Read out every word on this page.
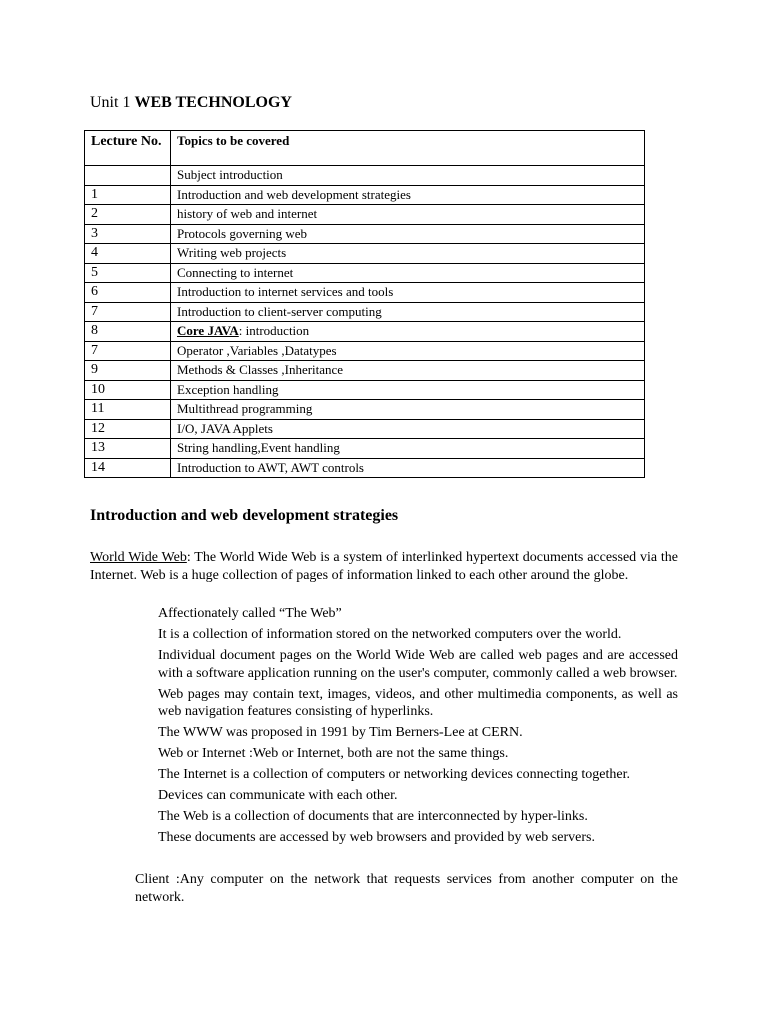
Unit 1 WEB TECHNOLOGY
Lecture No.	Topics to be covered
	Subject introduction
1	Introduction and web development strategies
2	history of web and internet
3	Protocols governing web
4	Writing web projects
5	Connecting to internet
6	Introduction to internet services and tools
7	Introduction to client-server computing
8	Core JAVA: introduction
7	Operator ,Variables ,Datatypes
9	Methods & Classes ,Inheritance
10	Exception handling
11	Multithread programming
12	I/O, JAVA Applets
13	String handling,Event handling
14	Introduction to AWT, AWT controls
Introduction and web development strategies
World Wide Web: The World Wide Web is a system of interlinked hypertext documents accessed via the Internet. Web is a huge collection of pages of information linked to each other around the globe.

Affectionately called “The Web”

It is a collection of information stored on the networked computers over the world.

Individual document pages on the World Wide Web are called web pages and are accessed with a software application running on the user's computer, commonly called a web browser.

Web pages may contain text, images, videos, and other multimedia components, as well as web navigation features consisting of hyperlinks.

The WWW was proposed in 1991 by Tim Berners-Lee at CERN.

Web or Internet :Web or Internet, both are not the same things.

The Internet is a collection of computers or networking devices connecting together.

Devices can communicate with each other.

The Web is a collection of documents that are interconnected by hyper-links.

These documents are accessed by web browsers and provided by web servers.

Client :Any computer on the network that requests services from another computer on the network.
